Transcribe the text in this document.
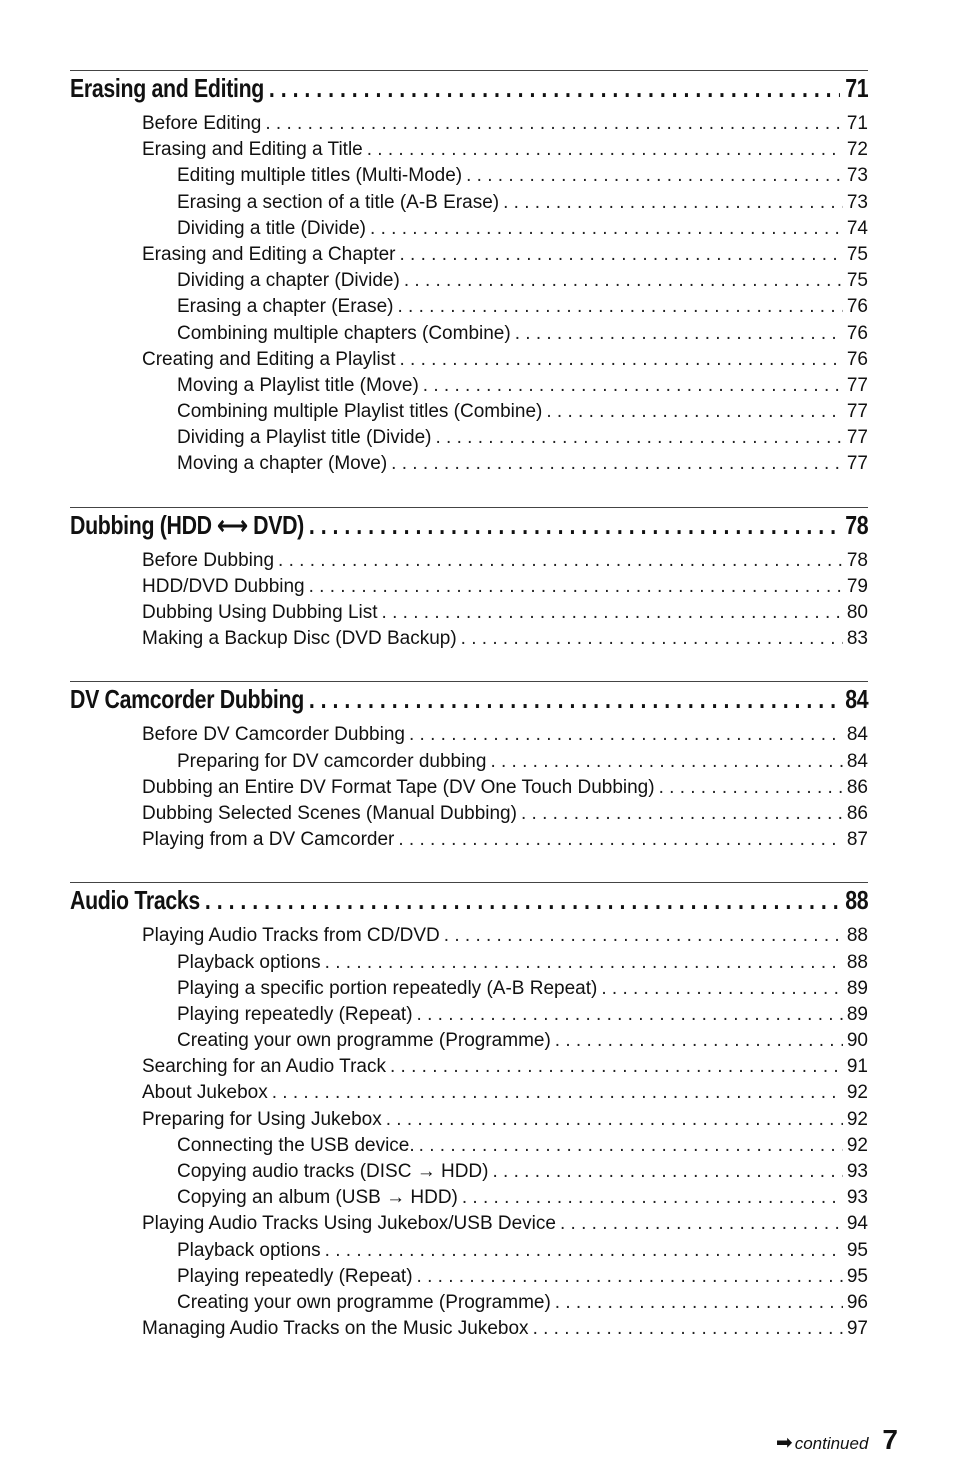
Erasing and Editing . . .	71
Before Editing . . .	71
Erasing and Editing a Title . . .	72
Editing multiple titles (Multi-Mode) . . .	73
Erasing a section of a title (A-B Erase) . . .	73
Dividing a title (Divide) . . .	74
Erasing and Editing a Chapter . . .	75
Dividing a chapter (Divide) . . .	75
Erasing a chapter (Erase) . . .	76
Combining multiple chapters (Combine) . . .	76
Creating and Editing a Playlist . . .	76
Moving a Playlist title (Move) . . .	77
Combining multiple Playlist titles (Combine) . . .	77
Dividing a Playlist title (Divide) . . .	77
Moving a chapter (Move) . . .	77
Dubbing (HDD ⟷ DVD) . . .	78
Before Dubbing . . .	78
HDD/DVD Dubbing . . .	79
Dubbing Using Dubbing List . . .	80
Making a Backup Disc (DVD Backup) . . .	83
DV Camcorder Dubbing . . .	84
Before DV Camcorder Dubbing . . .	84
Preparing for DV camcorder dubbing . . .	84
Dubbing an Entire DV Format Tape (DV One Touch Dubbing) . . .	86
Dubbing Selected Scenes (Manual Dubbing) . . .	86
Playing from a DV Camcorder . . .	87
Audio Tracks . . .	88
Playing Audio Tracks from CD/DVD . . .	88
Playback options . . .	88
Playing a specific portion repeatedly (A-B Repeat) . . .	89
Playing repeatedly (Repeat) . . .	89
Creating your own programme (Programme) . . .	90
Searching for an Audio Track . . .	91
About Jukebox . . .	92
Preparing for Using Jukebox . . .	92
Connecting the USB device. . . .	92
Copying audio tracks (DISC → HDD) . . .	93
Copying an album (USB → HDD) . . .	93
Playing Audio Tracks Using Jukebox/USB Device . . .	94
Playback options . . .	95
Playing repeatedly (Repeat) . . .	95
Creating your own programme (Programme) . . .	96
Managing Audio Tracks on the Music Jukebox . . .	97
➡ continued 7
